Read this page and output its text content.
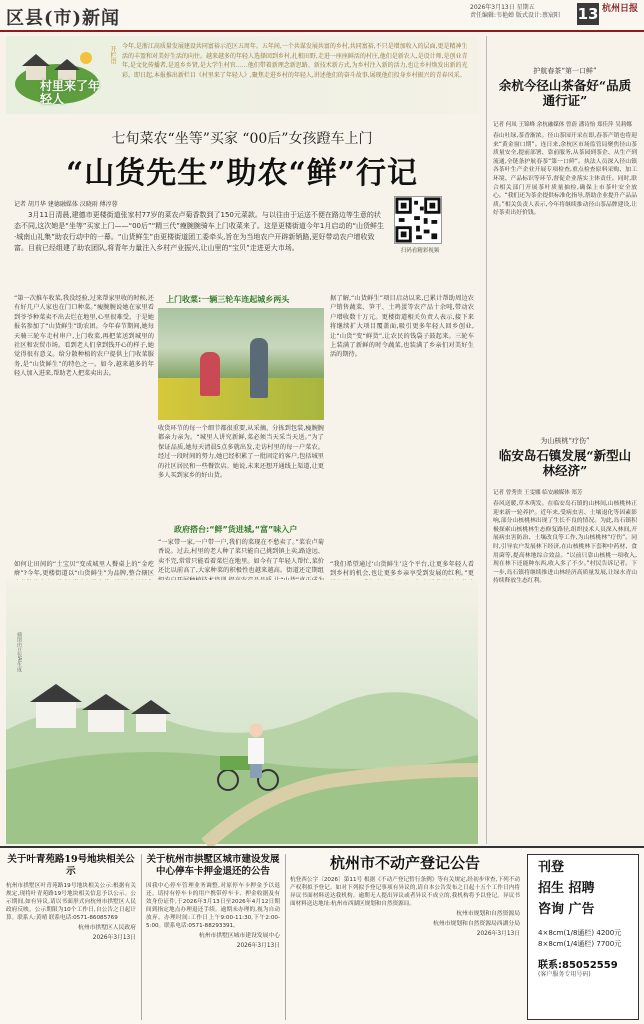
区县(市)新闻
2026年3月13日 星期五
责任编辑:韦艳婵 版式设计:蔡宸阳	13 杭州日报
村里来了年轻人
开栏语 今年,是浙江高质量发展建设共同富裕示范区五周年。五年间,一个共谋发展共富的乡村,共同富裕,不只是增加收入的层面,更是精神生活的丰盈和对美好生活的向往。越来越多的年轻人选择回到乡村,扎根田野,走进一座座鲜活的村庄,他们是新农人,是设计师,是创业青年,是文化传播者,是返乡乡贤,是大学生村官……他们带着新理念新思路、新技术新方式,为乡村注入新的活力,也让乡村焕发出新的光彩。即日起,本报推出新栏目《村里来了年轻人》,聚焦走进乡村的年轻人,讲述他们的奋斗故事,展现他们投身乡村振兴的青春风采。
七旬菜农“坐等”买家 “00后”女孩蹬车上门
“山货先生”助农“鲜”行记
记者 胡月华 建德融媒体 汉晓雨 傅淳蓉
3月11日清晨,建德市更楼街道张家村77岁的菜农卢菊香数到了150元菜款。与以往由于运送不便在路边等生意的状态不同,这次她是“坐等”买家上门——“00后”“精三代”瘦腕腕骑车上门收菜来了。这是更楼街道今年1月启动的“山货鲜生·城南山礼集”助农行动中的一幕。“山货鲜生”由更楼街道团工委牵头,旨在为当地农户开辟新销路,更好带动农户增收致富。目前已经组建了助农团队,将青年力量注入乡村产业振兴,让山里的“宝贝”走进更大市场。	扫码看精彩视频
上门收菜:一辆三轮车连起城乡两头
“第一次推车收菜,我没经验,过来帮家里收的时候,还有好几户人家也在门口种菜。”瘦腕腕说她在家里看到爷爷种菜卖不出去烂在地里,心里很难受。于是她报名参加了“山货鲜生”助农团。今年春节期间,她每天骑三轮车走村串户,上门收菜,再把菜送到城里的社区和农贸市场。看到老人们拿到钱开心的样子,她觉得很有意义。给分散种植的农户提供上门收菜服务,是“山货鲜生”的特色之一。如今,越来越多的年轻人加入进来,帮助老人把菜卖出去。
据了解,“山货鲜生”项目启动以来,已累计帮助周边农户销售蔬菜、笋干、土鸡蛋等农产品十余吨,带动农户增收数十万元。更楼街道相关负责人表示,接下来将继续扩大项目覆盖面,吸引更多年轻人回乡创业,让“山货”变“鲜货”,让农民的钱袋子鼓起来。三轮车上装满了新鲜的时令蔬菜,也装满了乡亲们对美好生活的期待。
收货环节的每一个细节都很重要,从采摘、分拣到包装,瘦腕腕都亲力亲为。“城里人讲究新鲜,菜必须当天采当天送。”为了保证品质,她每天清晨5点多就出发,走访村里的每一户菜农。经过一段时间的努力,她已经积累了一批固定的客户,包括城里的社区居民和一些餐饮店。她说,未来还想开通线上渠道,让更多人买到家乡的好山货。
政府搭台:“鲜”货进城,“富”味入户
如何让田间的“土宝贝”变成城里人餐桌上的“金疙瘩”?今年,更楼街道以“山货鲜生”为品牌,整合辖区
“一家带一家,一户带一户,我们的菜现在不愁卖了。”菜农卢菊香说。过去,村里的老人种了菜只能自己挑到镇上卖,路途远、卖不完,常常只能看着菜烂在地里。如今有了年轻人帮忙,菜价还比以前高了,大家种菜的积极性也越来越高。街道还定期组
“我们希望通过‘山货鲜生’这个平台,让更多年轻人看到乡村的机会,也让更多乡亲享受到发展的红利。”更
插图由豆包AI生成
护航春茶“第一口鲜”
余杭今径山茶备好“品质通行证”
记者 何凤 王锦峰 余杭融媒体 曾蔚 潘诗怡 郑佳萍 吴莉娜
春山吐绿,茶香渐浓。径山茶园开采在即,春茶产销也将迎来“黄金窗口期”。连日来,余杭区市场监管局聚焦径山茶质量安全,提前部署、靠前服务,从茶园到茶企、从生产到流通,全链条护航春茶“第一口鲜”。执法人员深入径山镇各茶叶生产企业开展专项检查,重点检查原料采购、加工环境、产品标识等环节,督促企业落实主体责任。同时,联合相关部门开展茶叶质量抽检,确保上市茶叶安全放心。“我们还为茶企提供标准化指导,帮助企业提升产品品质。”相关负责人表示,今年将继续推动径山茶品牌建设,让好茶卖出好价钱。
为山核桃“疗伤”
临安岛石镇发展“新型山林经济”
记者 曾秀贵 王雯娜 临安融媒体 郑芳
春风送暖,草木萌发。在临安岛石镇的山林间,山核桃林正迎来新一轮养护。近年来,受病虫害、土壤退化等因素影响,部分山核桃林出现了生长不良的情况。为此,岛石镇积极探索山核桃林生态修复路径,组织技术人员深入林间,开展病虫害防治、土壤改良等工作,为山核桃林“疗伤”。同时,引导农户发展林下经济,在山核桃林下套种中药材、食用菌等,提高林地综合效益。“以前只靠山核桃一项收入,现在林下还能种东西,收入多了不少。”村民告诉记者。下一步,岛石镇将继续推进山林经济高质量发展,让绿水青山持续释放生态红利。
关于叶青苑路19号地块相关公示
杭州市拱墅区叶青苑路19号地块相关公示:根据有关规定,现将叶青苑路19号地块相关信息予以公示。公示期间,如有异议,请以书面形式向杭州市拱墅区人民政府反映。公示期限为10个工作日,自公告之日起计算。联系人:黄晴 联系电话:0571-86085769
杭州市拱墅区人民政府
2026年3月13日
关于杭州市拱墅区城市建设发展中心停车卡押金退还的公告
因我中心停车管理业务调整,对原停车卡押金予以退还。请持有停车卡的用户携带停车卡、押金收据及有效身份证件,于2026年3月13日至2026年4月12日期间到指定地点办理退还手续。逾期未办理的,视为自动放弃。办理时间:工作日上午9:00-11:30,下午2:00-5:00。联系电话:0571-88293391。
杭州市拱墅区城市建设发展中心
2026年3月13日
杭州市不动产登记公告
杭登西公字〔2026〕第11号 根据《不动产登记暂行条例》等有关规定,经初步审查,下列不动产权利拟予登记。如对下列拟予登记事项有异议的,请自本公告发布之日起十五个工作日内将异议书面材料送达我机构。逾期无人提出异议或者异议不成立的,我机构将予以登记。异议书面材料送达地址:杭州市西湖区规划和自然资源局。
杭州市规划和自然资源局
杭州市规划和自然资源局西湖分局
2026年3月13日
刊登
招生 招聘
咨询 广告
4×8cm(1/8通栏) 4200元
8×8cm(1/4通栏) 7700元
联系:85052559
(客户服务专用号码)
